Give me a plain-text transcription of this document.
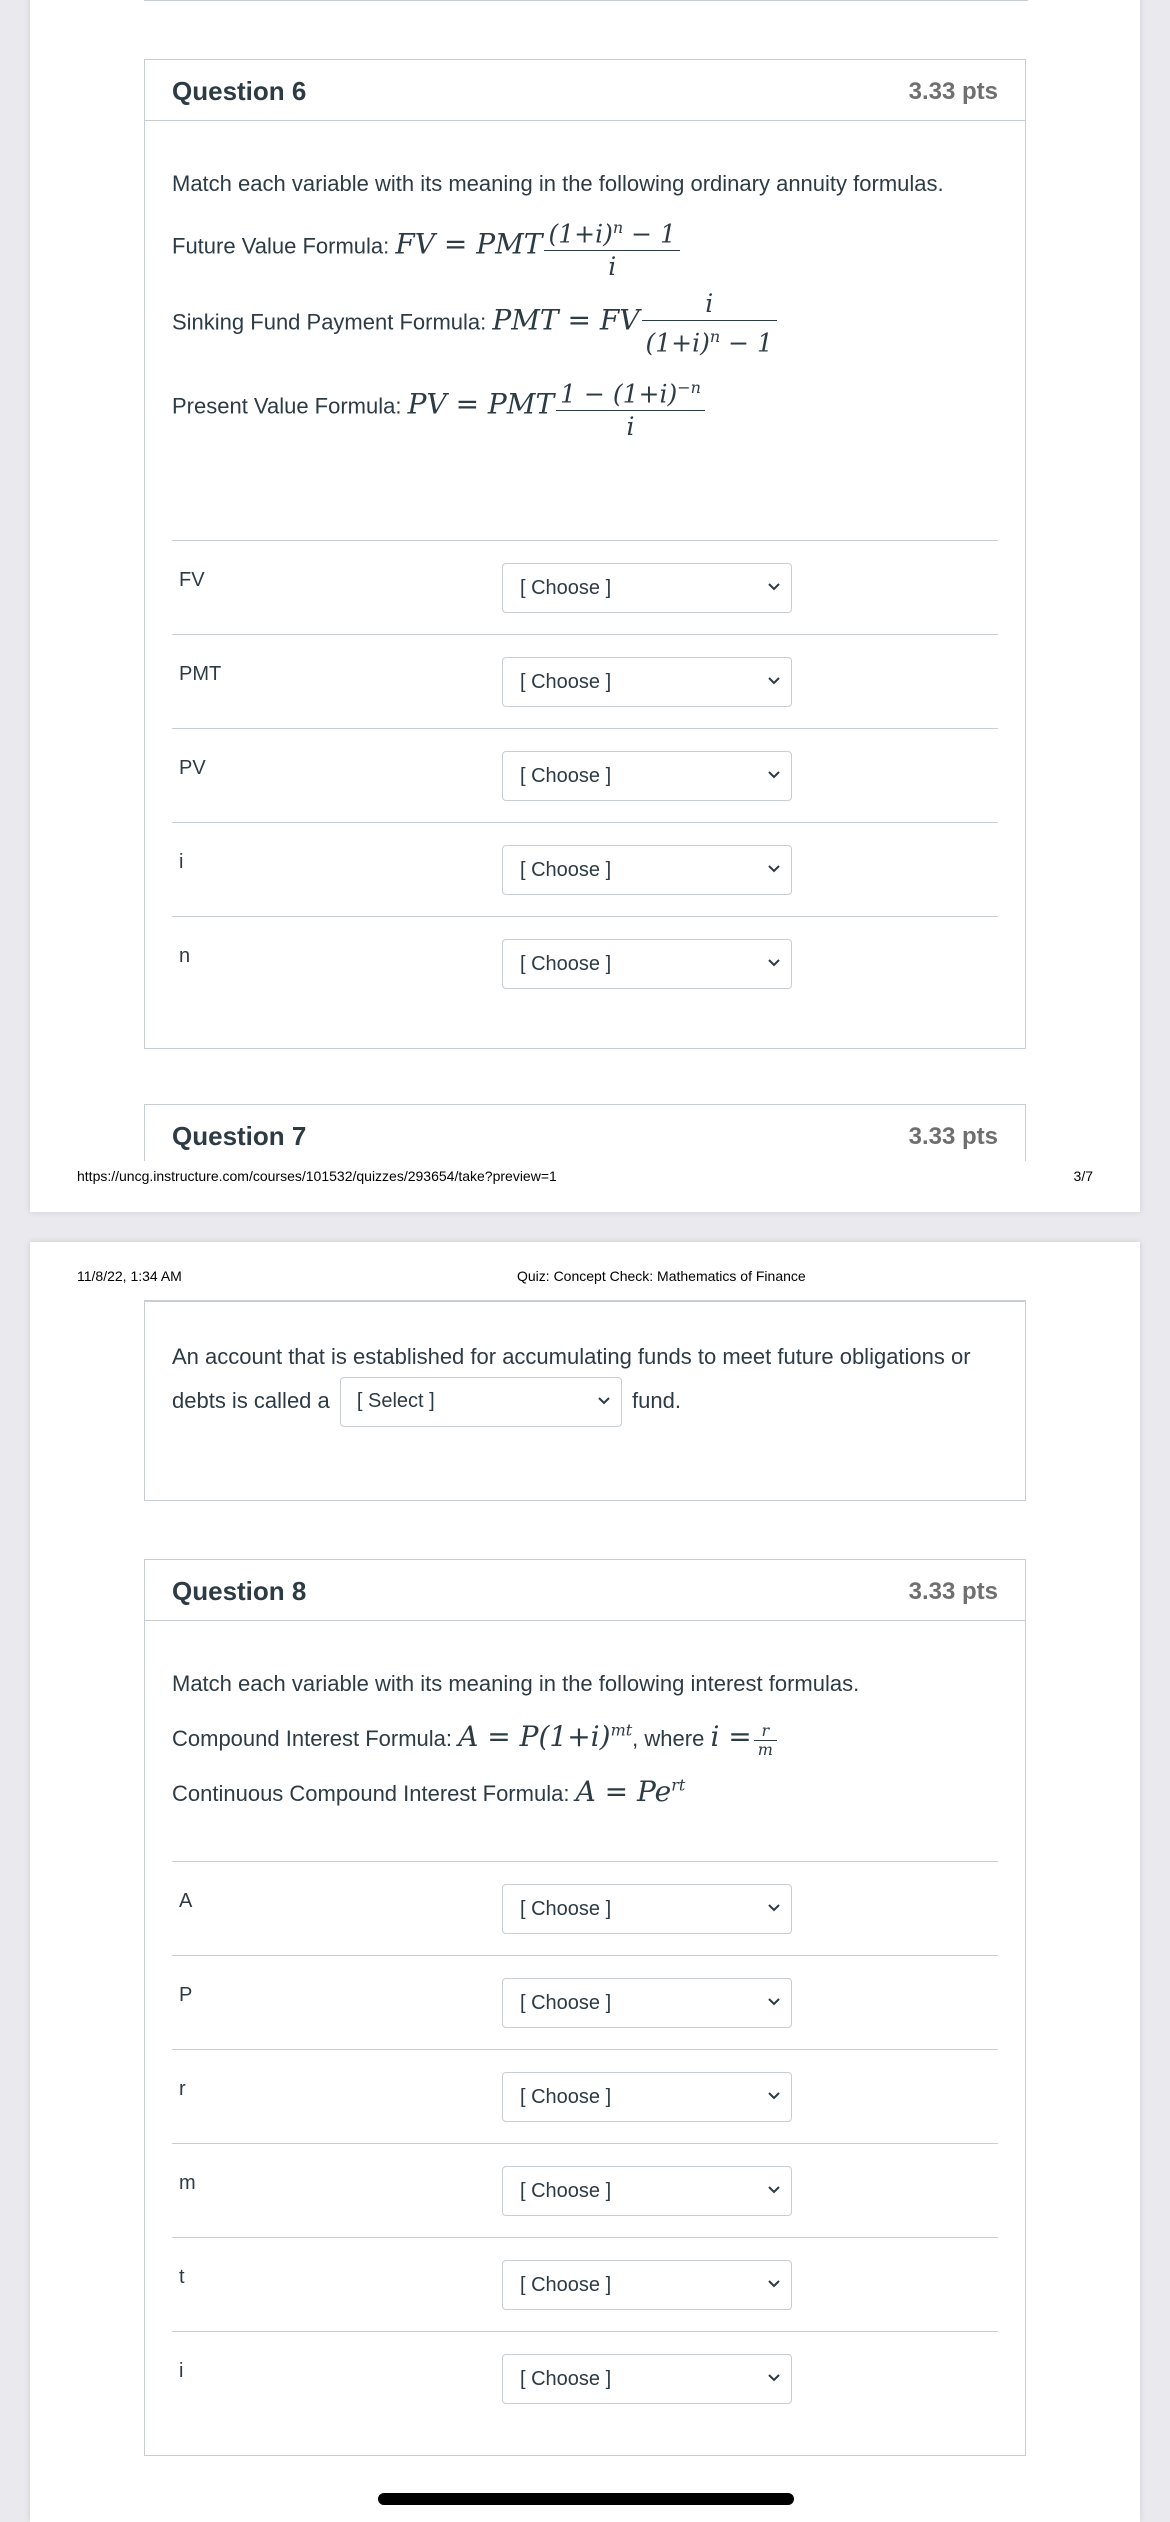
Question 6	3.33 pts
Match each variable with its meaning in the following ordinary annuity formulas.
Future Value Formula: FV = PMT $\frac{(1+i)^n - 1}{i}$
Sinking Fund Payment Formula: PMT = FV $\frac{i}{(1+i)^n - 1}$
Present Value Formula: PV = PMT $\frac{1 - (1+i)^{-n}}{i}$
FV	[ Choose ]
PMT	[ Choose ]
PV	[ Choose ]
i	[ Choose ]
n	[ Choose ]
Question 7	3.33 pts
https://uncg.instructure.com/courses/101532/quizzes/293654/take?preview=1	3/7
11/8/22, 1:34 AM	Quiz: Concept Check: Mathematics of Finance
An account that is established for accumulating funds to meet future obligations or
debts is called a [ Select ]	fund.
Question 8	3.33 pts
Match each variable with its meaning in the following interest formulas.
Compound Interest Formula: $A = P(1+i)^{mt}$, where $i = \frac{r}{m}$
Continuous Compound Interest Formula: $A = Pe^{rt}$
A	[ Choose ]
P	[ Choose ]
r	[ Choose ]
m	[ Choose ]
t	[ Choose ]
i	[ Choose ]
